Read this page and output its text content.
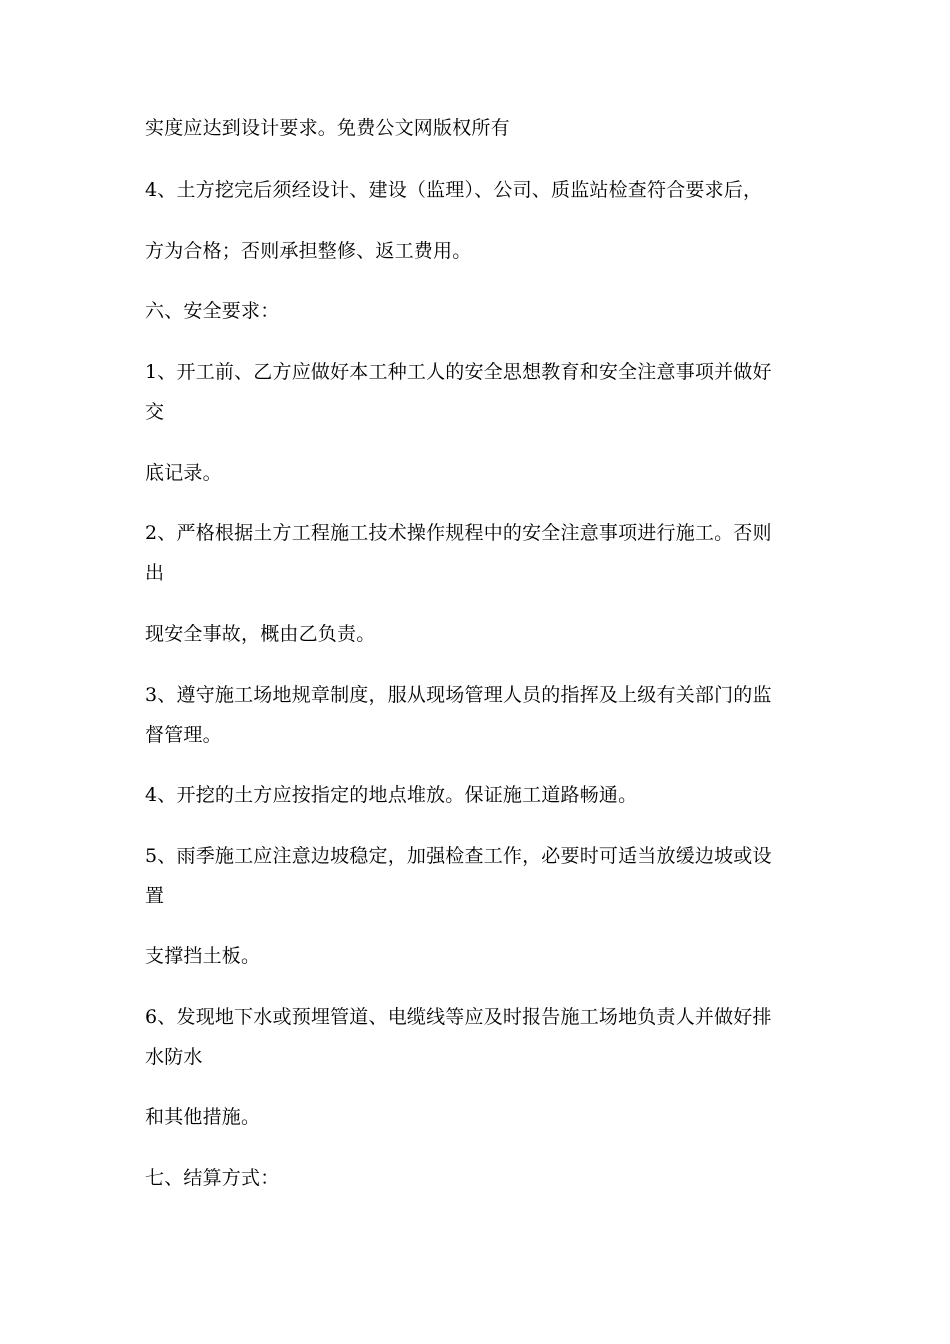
实度应达到设计要求。免费公文网版权所有
4、土方挖完后须经设计、建设（监理）、公司、质监站检查符合要求后，
方为合格；否则承担整修、返工费用。
六、安全要求：
1、开工前、乙方应做好本工种工人的安全思想教育和安全注意事项并做好
交
底记录。
2、严格根据土方工程施工技术操作规程中的安全注意事项进行施工。否则
出
现安全事故，概由乙负责。
3、遵守施工场地规章制度，服从现场管理人员的指挥及上级有关部门的监
督管理。
4、开挖的土方应按指定的地点堆放。保证施工道路畅通。
5、雨季施工应注意边坡稳定，加强检查工作，必要时可适当放缓边坡或设
置
支撑挡土板。
6、发现地下水或预埋管道、电缆线等应及时报告施工场地负责人并做好排
水防水
和其他措施。
七、结算方式：
